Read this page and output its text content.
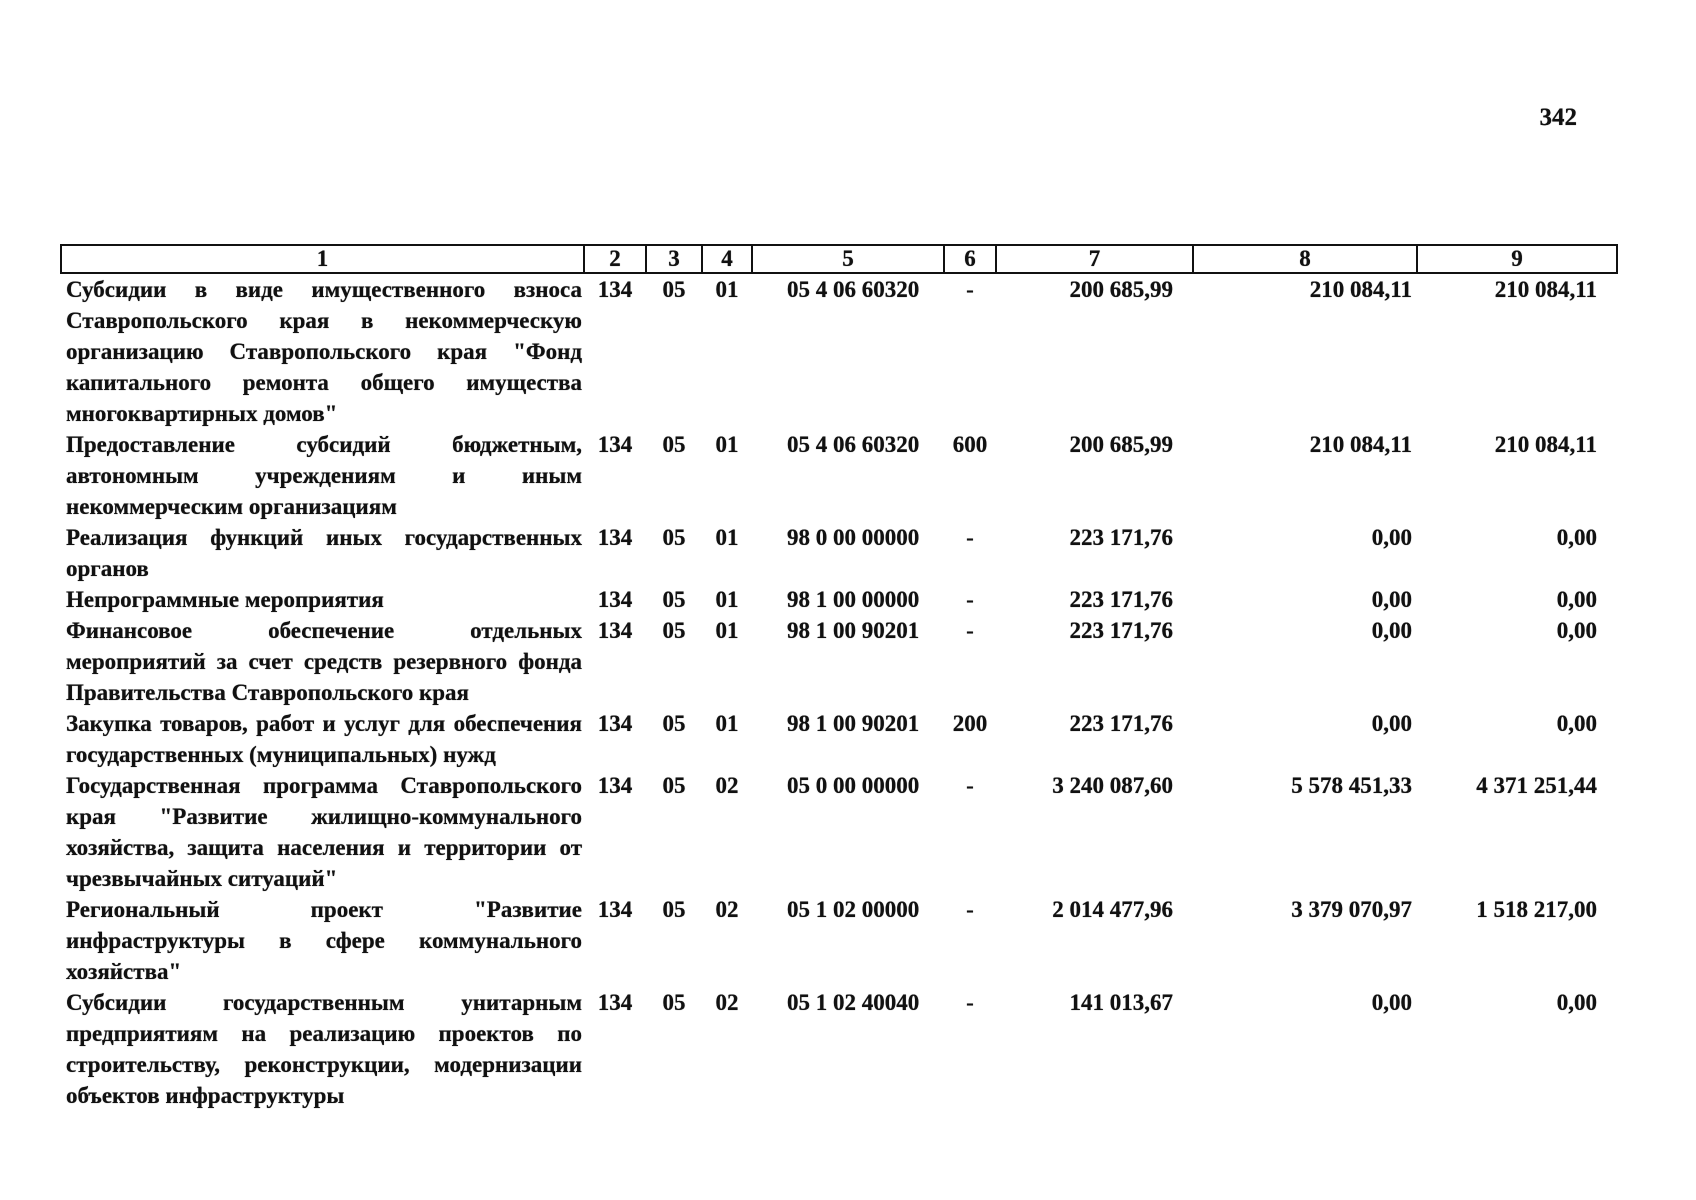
342
1	2	3	4	5	6	7	8	9
Субсидии в виде имущественного взноса Ставропольского края в некоммерческую организацию Ставропольского края "Фонд капитального ремонта общего имущества многоквартирных домов"	134	05	01	05 4 06 60320	-	200 685,99	210 084,11	210 084,11
Предоставление субсидий бюджетным, автономным учреждениям и иным некоммерческим организациям	134	05	01	05 4 06 60320	600	200 685,99	210 084,11	210 084,11
Реализация функций иных государственных органов	134	05	01	98 0 00 00000	-	223 171,76	0,00	0,00
Непрограммные мероприятия	134	05	01	98 1 00 00000	-	223 171,76	0,00	0,00
Финансовое обеспечение отдельных мероприятий за счет средств резервного фонда Правительства Ставропольского края	134	05	01	98 1 00 90201	-	223 171,76	0,00	0,00
Закупка товаров, работ и услуг для обеспечения государственных (муниципальных) нужд	134	05	01	98 1 00 90201	200	223 171,76	0,00	0,00
Государственная программа Ставропольского края "Развитие жилищно-коммунального хозяйства, защита населения и территории от чрезвычайных ситуаций"	134	05	02	05 0 00 00000	-	3 240 087,60	5 578 451,33	4 371 251,44
Региональный проект "Развитие инфраструктуры в сфере коммунального хозяйства"	134	05	02	05 1 02 00000	-	2 014 477,96	3 379 070,97	1 518 217,00
Субсидии государственным унитарным предприятиям на реализацию проектов по строительству, реконструкции, модернизации объектов инфраструктуры	134	05	02	05 1 02 40040	-	141 013,67	0,00	0,00
